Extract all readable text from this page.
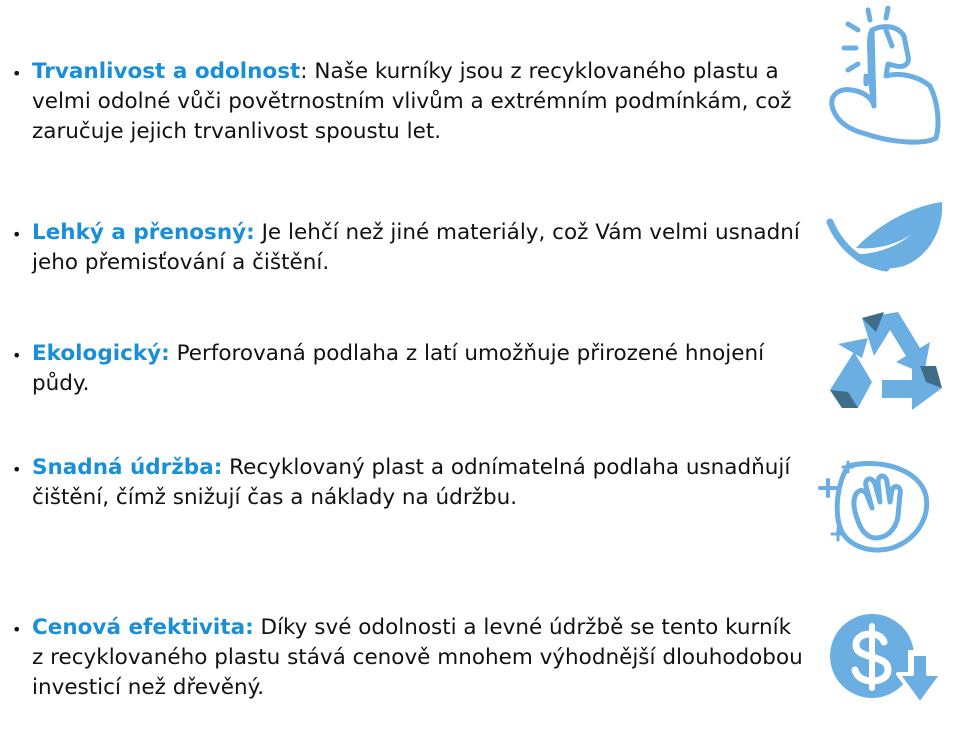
• Trvanlivost a odolnost: Naše kurníky jsou z recyklovaného plastu a velmi odolné vůči povětrnostním vlivům a extrémním podmínkám, což zaručuje jejich trvanlivost spoustu let.
• Lehký a přenosný: Je lehčí než jiné materiály, což Vám velmi usnadní jeho přemisťování a čištění.
• Ekologický: Perforovaná podlaha z latí umožňuje přirozené hnojení půdy.
• Snadná údržba: Recyklovaný plast a odnímatelná podlaha usnadňují čištění, čímž snižují čas a náklady na údržbu.
• Cenová efektivita: Díky své odolnosti a levné údržbě se tento kurník z recyklovaného plastu stává cenově mnohem výhodnější dlouhodobou investicí než dřevěný.
